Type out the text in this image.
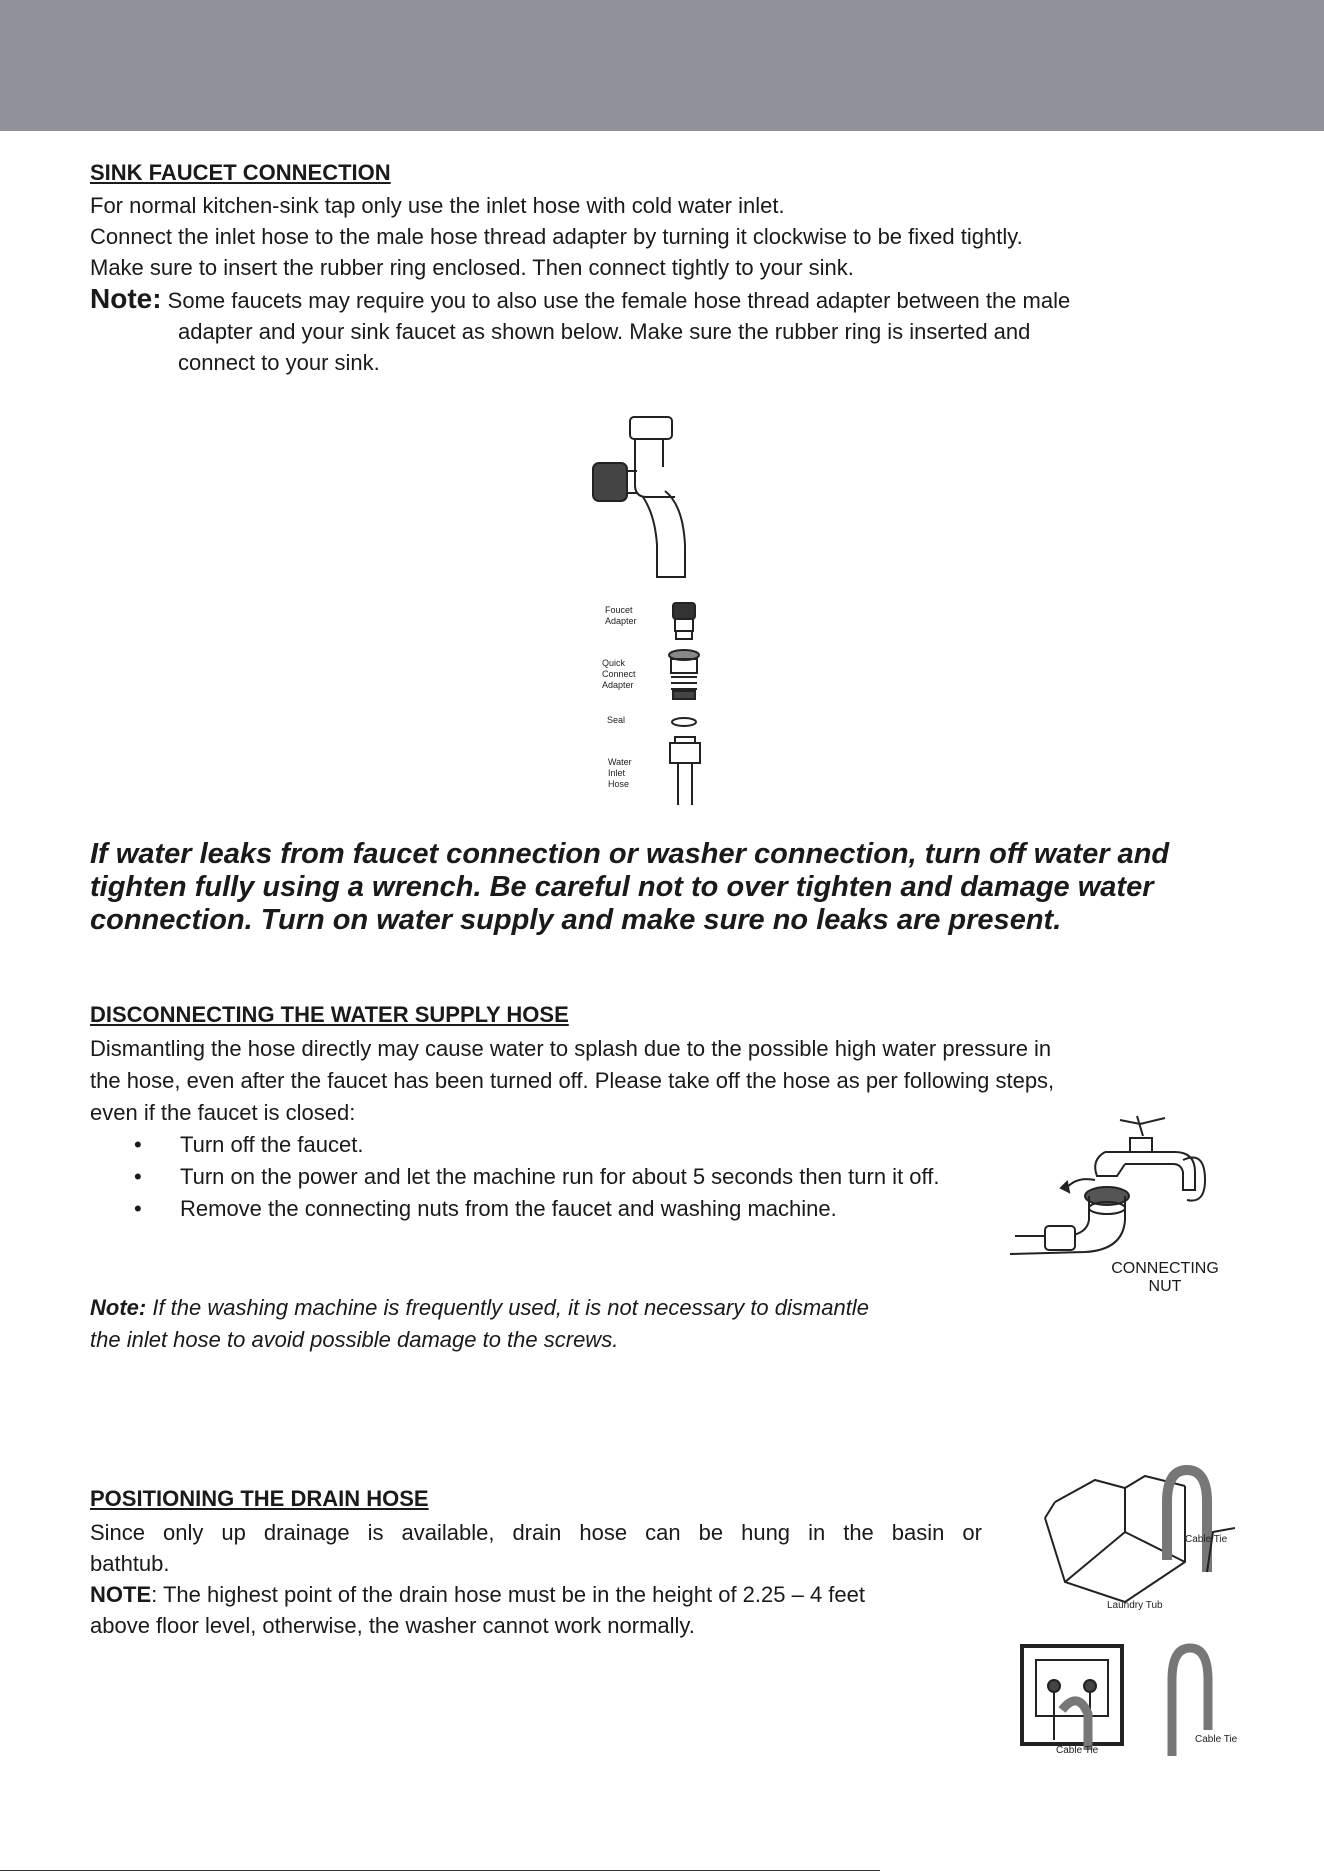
SINK FAUCET CONNECTION
For normal kitchen-sink tap only use the inlet hose with cold water inlet.
Connect the inlet hose to the male hose thread adapter by turning it clockwise to be fixed tightly.
Make sure to insert the rubber ring enclosed. Then connect tightly to your sink.
Note: Some faucets may require you to also use the female hose thread adapter between the male
adapter and your sink faucet as shown below. Make sure the rubber ring is inserted and
connect to your sink.
Foucet
Adapter
Quick
Connect
Adapter
Seal
Water
Inlet
Hose
If water leaks from faucet connection or washer connection, turn off water and
tighten fully using a wrench. Be careful not to over tighten and damage water
connection. Turn on water supply and make sure no leaks are present.
DISCONNECTING THE WATER SUPPLY HOSE
Dismantling the hose directly may cause water to splash due to the possible high water pressure in
the hose, even after the faucet has been turned off. Please take off the hose as per following steps,
even if the faucet is closed:
• Turn off the faucet.
• Turn on the power and let the machine run for about 5 seconds then turn it off.
• Remove the connecting nuts from the faucet and washing machine.
Note: If the washing machine is frequently used, it is not necessary to dismantle
the inlet hose to avoid possible damage to the screws.
CONNECTING
NUT
POSITIONING THE DRAIN HOSE
Since only up drainage is available, drain hose can be hung in the basin or
bathtub.
NOTE: The highest point of the drain hose must be in the height of 2.25 – 4 feet
above floor level, otherwise, the washer cannot work normally.
Cable Tie
Laundry Tub
Cable Tie
Cable Tie
